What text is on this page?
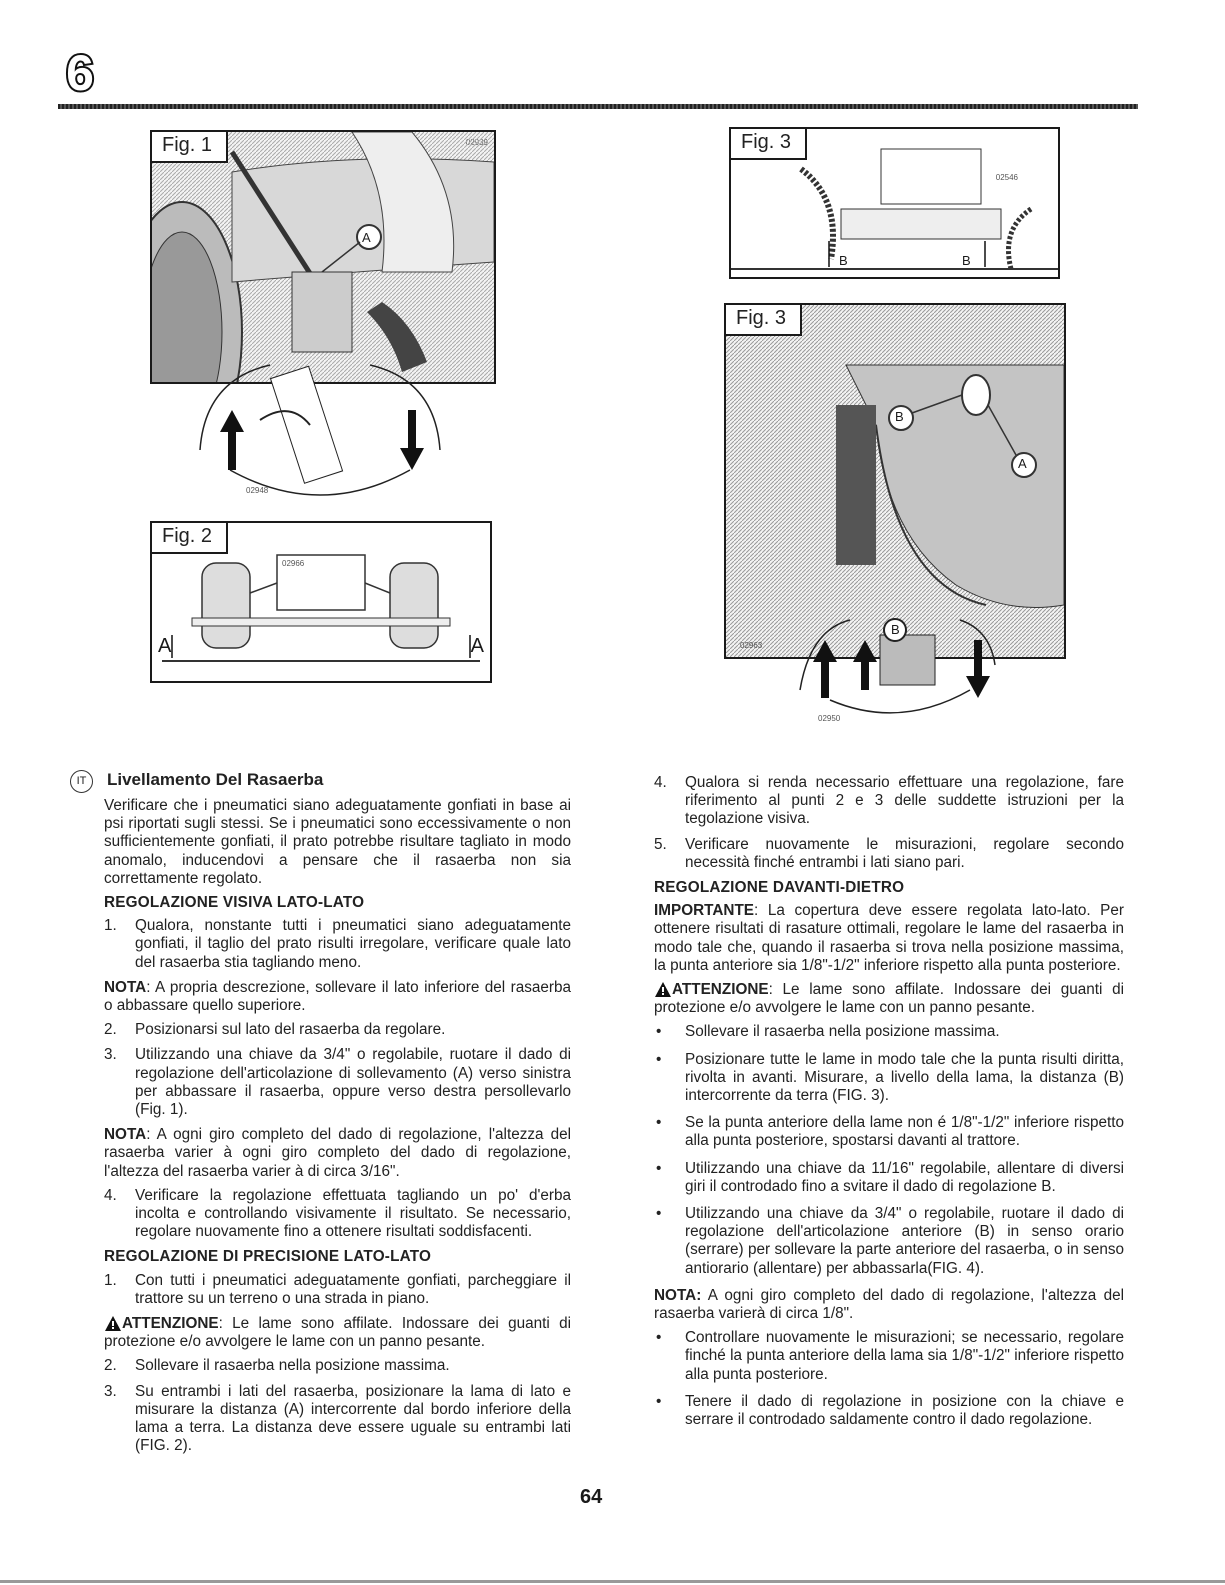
6
Fig. 1
A
02948
Fig. 2
02966
A	A
Fig. 3
02546
B	B
Fig. 3
02963
B
A
B
02950
IT Livellamento Del Rasaerba

Verificare che i pneumatici siano adeguatamente gonfiati in base ai psi riportati sugli stessi. Se i pneumatici sono eccessivamente o non sufficientemente gonfiati, il prato potrebbe risultare tagliato in modo anomalo, inducendovi a pensare che il rasaerba non sia correttamente regolato.

REGOLAZIONE VISIVA LATO-LATO
1. Qualora, nonstante tutti i pneumatici siano adeguatamente gonfiati, il taglio del prato risulti irregolare, verificare quale lato del rasaerba stia tagliando meno.

NOTA: A propria descrezione, sollevare il lato inferiore del rasaerba o abbassare quello superiore.

2. Posizionarsi sul lato del rasaerba da regolare.
3. Utilizzando una chiave da 3/4" o regolabile, ruotare il dado di regolazione dell'articolazione di sollevamento (A) verso sinistra per abbassare il rasaerba, oppure verso destra persollevarlo (Fig. 1).

NOTA: A ogni giro completo del dado di regolazione, l'altezza del rasaerba varier à ogni giro completo del dado di regolazione, l'altezza del rasaerba varier à di circa 3/16".

4. Verificare la regolazione effettuata tagliando un po' d'erba incolta e controllando visivamente il risultato. Se necessario, regolare nuovamente fino a ottenere risultati soddisfacenti.
REGOLAZIONE DI PRECISIONE LATO-LATO
1. Con tutti i pneumatici adeguatamente gonfiati, parcheggiare il trattore su un terreno o una strada in piano.

ATTENZIONE: Le lame sono affilate. Indossare dei guanti di protezione e/o avvolgere le lame con un panno pesante.

2. Sollevare il rasaerba nella posizione massima.
3. Su entrambi i lati del rasaerba, posizionare la lama di lato e misurare la distanza (A) intercorrente dal bordo inferiore della lama a terra. La distanza deve essere uguale su entrambi lati (FIG. 2).
4. Qualora si renda necessario effettuare una regolazione, fare riferimento al punti 2 e 3 delle suddette istruzioni per la tegolazione visiva.
5. Verificare nuovamente le misurazioni, regolare secondo necessità finché entrambi i lati siano pari.
REGOLAZIONE DAVANTI-DIETRO

IMPORTANTE: La copertura deve essere regolata lato-lato. Per ottenere risultati di rasature ottimali, regolare le lame del rasaerba in modo tale che, quando il rasaerba si trova nella posizione massima, la punta anteriore sia 1/8"-1/2" inferiore rispetto alla punta posteriore.

ATTENZIONE: Le lame sono affilate. Indossare dei guanti di protezione e/o avvolgere le lame con un panno pesante.

• Sollevare il rasaerba nella posizione massima.
• Posizionare tutte le lame in modo tale che la punta risulti diritta, rivolta in avanti. Misurare, a livello della lama, la distanza (B) intercorrente da terra (FIG. 3).
• Se la punta anteriore della lame non é 1/8"-1/2" inferiore rispetto alla punta posteriore, spostarsi davanti al trattore.
• Utilizzando una chiave da 11/16" regolabile, allentare di diversi giri il controdado fino a svitare il dado di regolazione B.
• Utilizzando una chiave da 3/4" o regolabile, ruotare il dado di regolazione dell'articolazione anteriore (B) in senso orario (serrare) per sollevare la parte anteriore del rasaerba, o in senso antiorario (allentare) per abbassarla(FIG. 4).

NOTA: A ogni giro completo del dado di regolazione, l'altezza del rasaerba varierà di circa 1/8".

• Controllare nuovamente le misurazioni; se necessario, regolare finché la punta anteriore della lama sia 1/8"-1/2" inferiore rispetto alla punta posteriore.
• Tenere il dado di regolazione in posizione con la chiave e serrare il controdado saldamente contro il dado regolazione.
64
